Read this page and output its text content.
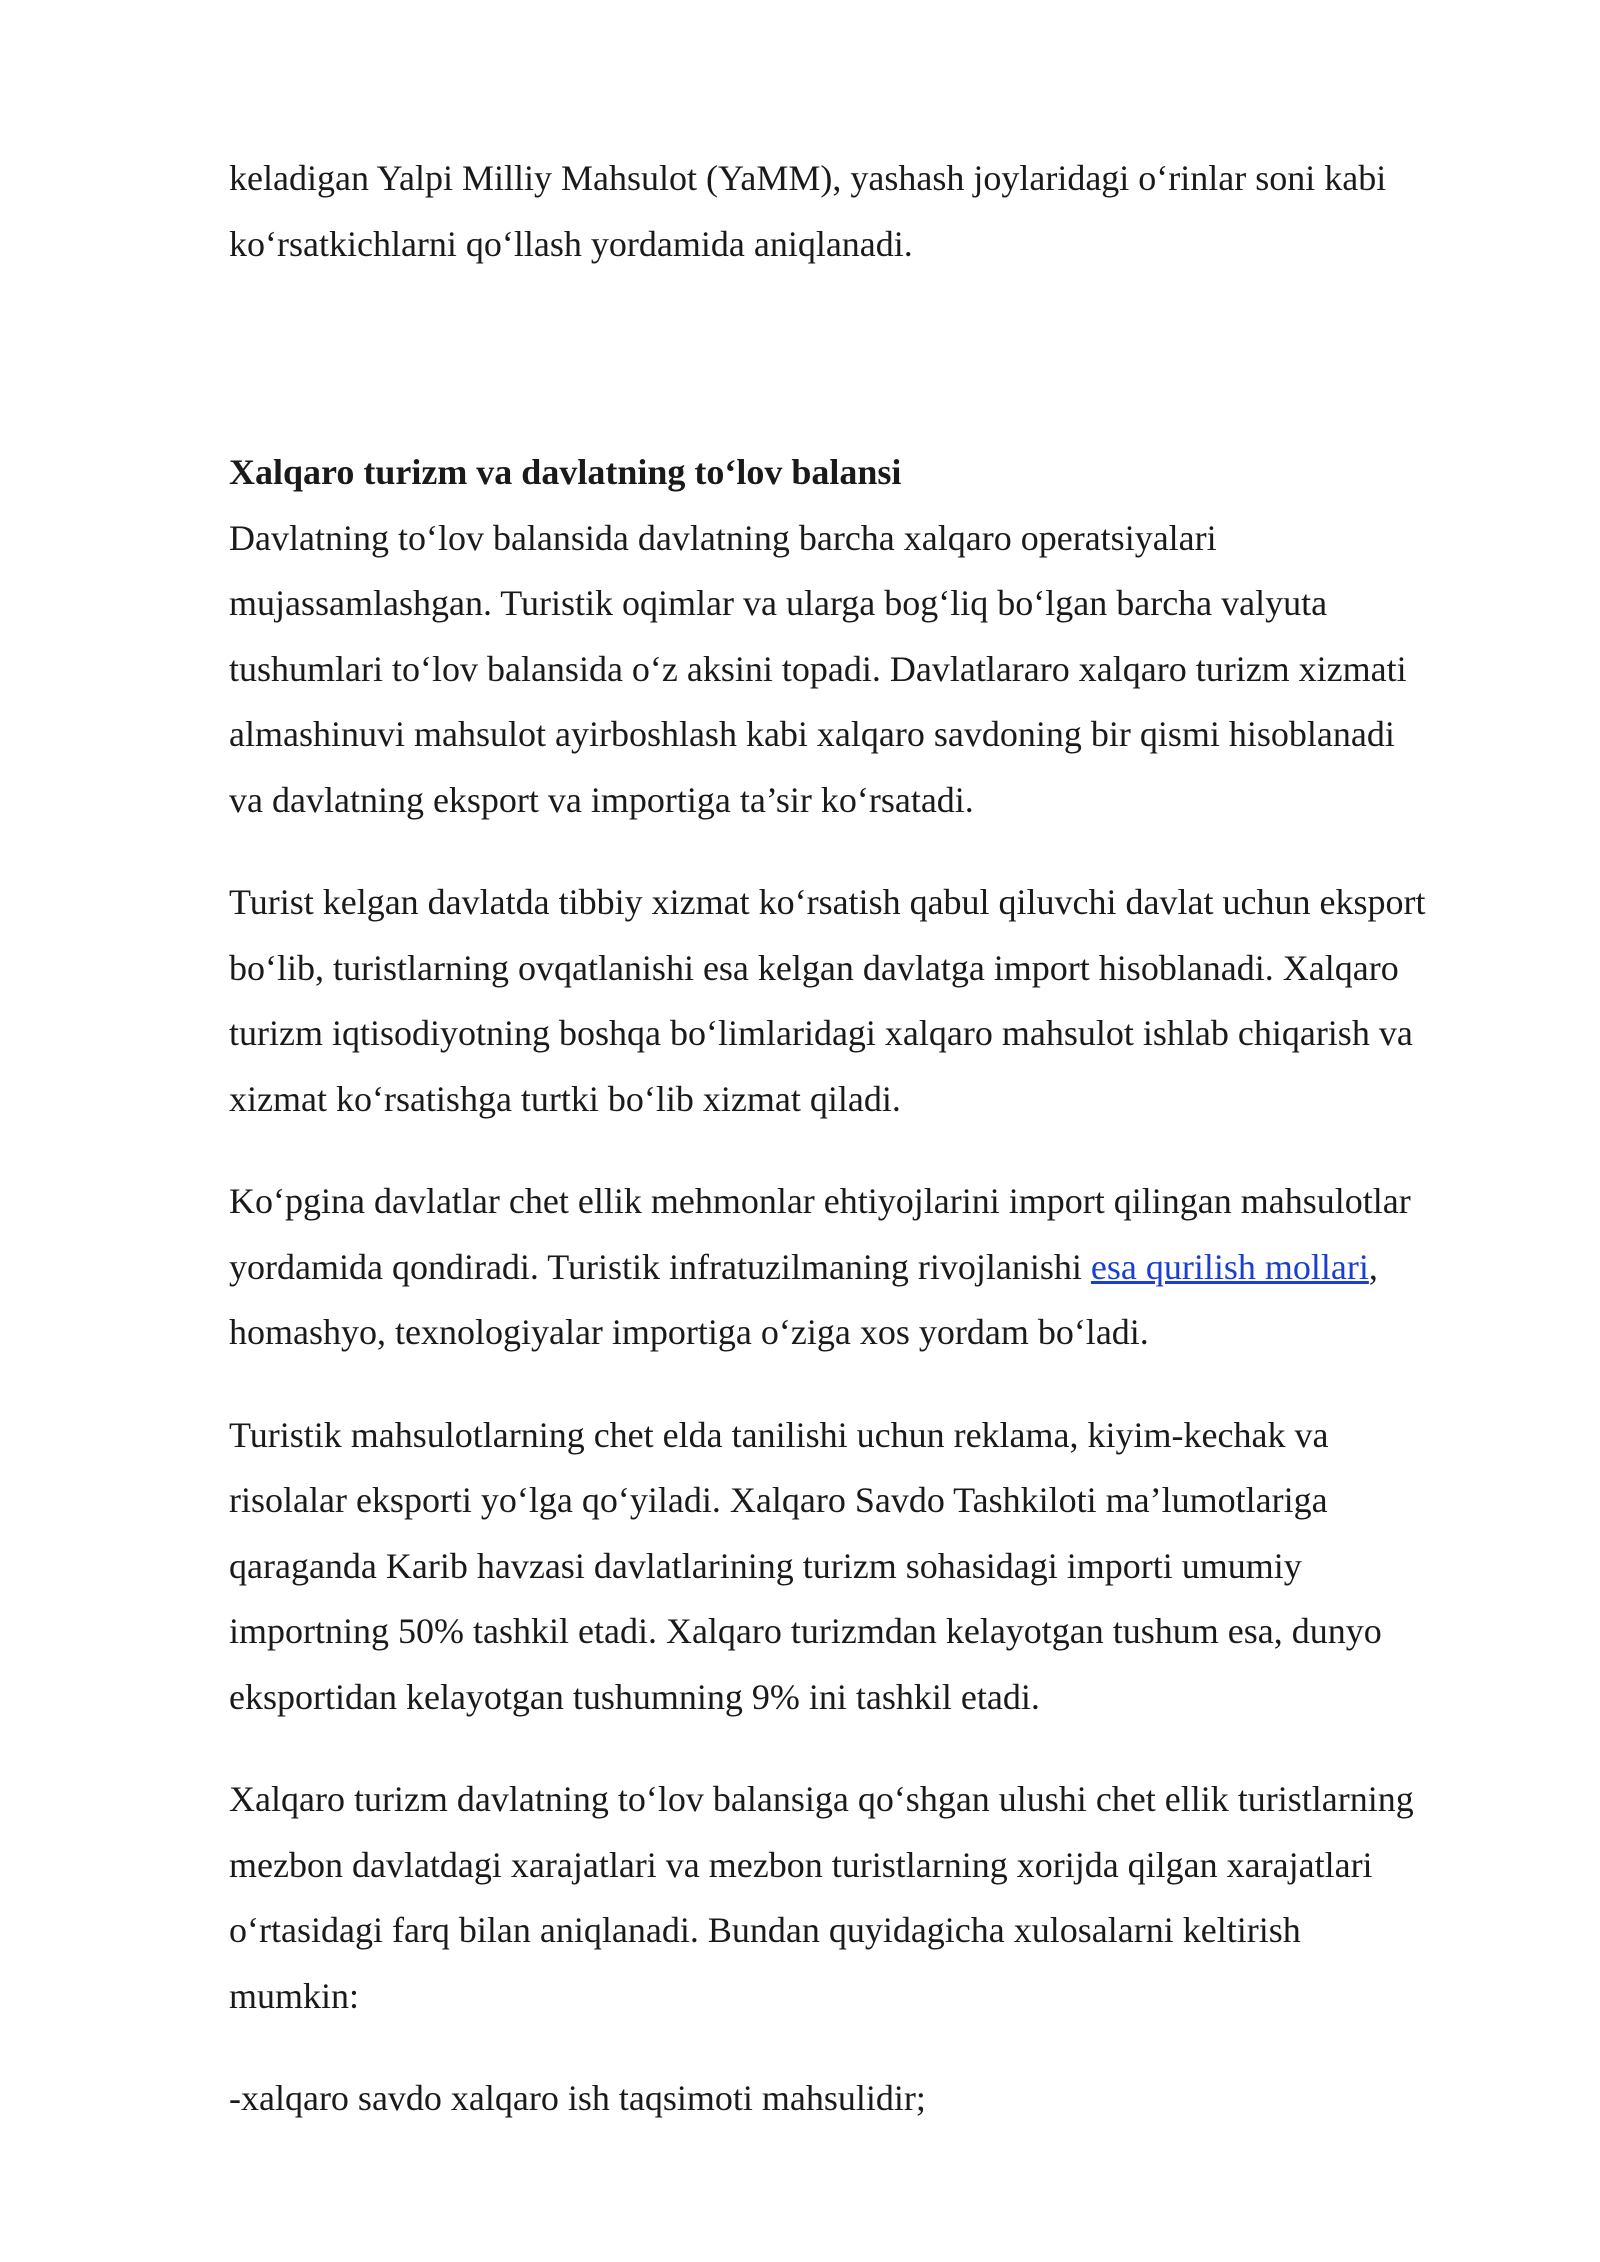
keladigan Yalpi Milliy Mahsulot (YaMM), yashash joylaridagi o‘rinlar soni kabi
ko‘rsatkichlarni qo‘llash yordamida aniqlanadi.

Xalqaro turizm va davlatning to‘lov balansi

Davlatning to‘lov balansida davlatning barcha xalqaro operatsiyalari
mujassamlashgan. Turistik oqimlar va ularga bog‘liq bo‘lgan barcha valyuta
tushumlari to‘lov balansida o‘z aksini topadi. Davlatlararo xalqaro turizm xizmati
almashinuvi mahsulot ayirboshlash kabi xalqaro savdoning bir qismi hisoblanadi
va davlatning eksport va importiga ta’sir ko‘rsatadi.

Turist kelgan davlatda tibbiy xizmat ko‘rsatish qabul qiluvchi davlat uchun eksport
bo‘lib, turistlarning ovqatlanishi esa kelgan davlatga import hisoblanadi. Xalqaro
turizm iqtisodiyotning boshqa bo‘limlaridagi xalqaro mahsulot ishlab chiqarish va
xizmat ko‘rsatishga turtki bo‘lib xizmat qiladi.

Ko‘pgina davlatlar chet ellik mehmonlar ehtiyojlarini import qilingan mahsulotlar
yordamida qondiradi. Turistik infratuzilmaning rivojlanishi esa qurilish mollari,
homashyo, texnologiyalar importiga o‘ziga xos yordam bo‘ladi.

Turistik mahsulotlarning chet elda tanilishi uchun reklama, kiyim-kechak va
risolalar eksporti yo‘lga qo‘yiladi. Xalqaro Savdo Tashkiloti ma’lumotlariga
qaraganda Karib havzasi davlatlarining turizm sohasidagi importi umumiy
importning 50% tashkil etadi. Xalqaro turizmdan kelayotgan tushum esa, dunyo
eksportidan kelayotgan tushumning 9% ini tashkil etadi.

Xalqaro turizm davlatning to‘lov balansiga qo‘shgan ulushi chet ellik turistlarning
mezbon davlatdagi xarajatlari va mezbon turistlarning xorijda qilgan xarajatlari
o‘rtasidagi farq bilan aniqlanadi. Bundan quyidagicha xulosalarni keltirish
mumkin:

-xalqaro savdo xalqaro ish taqsimoti mahsulidir;
